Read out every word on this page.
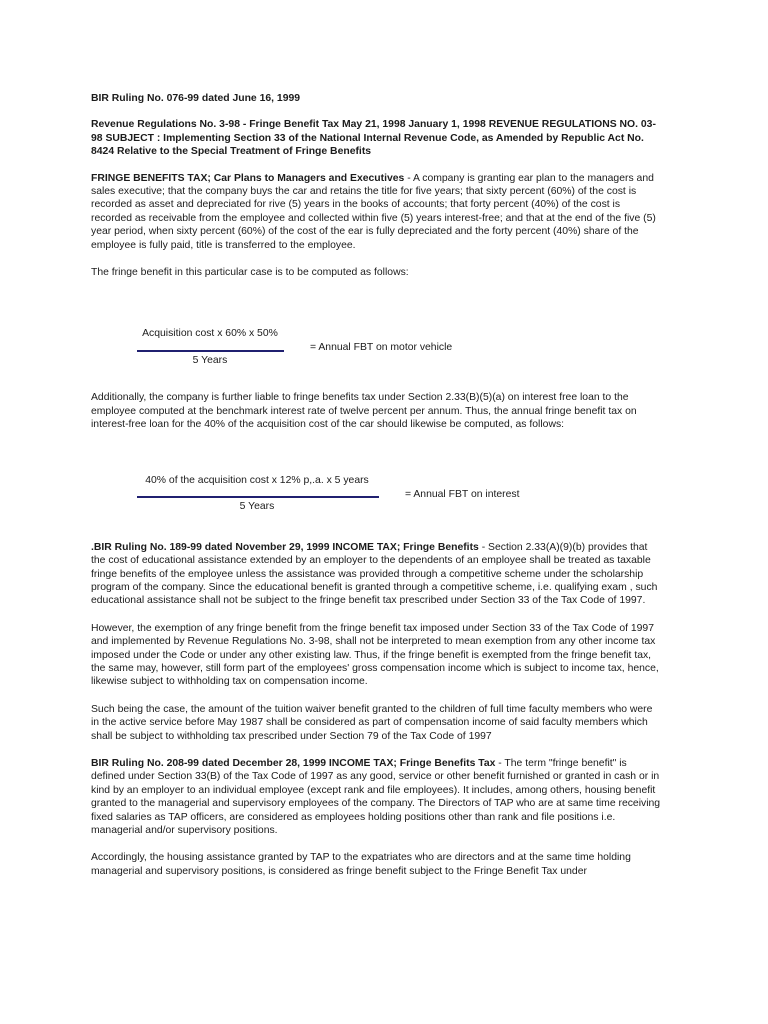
BIR Ruling No. 076-99 dated June 16, 1999

Revenue Regulations No. 3-98 - Fringe Benefit Tax May 21, 1998 January 1, 1998 REVENUE REGULATIONS NO. 03-98 SUBJECT : Implementing Section 33 of the National Internal Revenue Code, as Amended by Republic Act No. 8424 Relative to the Special Treatment of Fringe Benefits

FRINGE BENEFITS TAX; Car Plans to Managers and Executives - A company is granting ear plan to the managers and sales executive; that the company buys the car and retains the title for five years; that sixty percent (60%) of the cost is recorded as asset and depreciated for rive (5) years in the books of accounts; that forty percent (40%) of the cost is recorded as receivable from the employee and collected within five (5) years interest-free; and that at the end of the five (5) year period, when sixty percent (60%) of the cost of the ear is fully depreciated and the forty percent (40%) share of the employee is fully paid, title is transferred to the employee.

The fringe benefit in this particular case is to be computed as follows:

Additionally, the company is further liable to fringe benefits tax under Section 2.33(B)(5)(a) on interest free loan to the employee computed at the benchmark interest rate of twelve percent per annum. Thus, the annual fringe benefit tax on interest-free loan for the 40% of the acquisition cost of the car should likewise be computed, as follows:

.BIR Ruling No. 189-99 dated November 29, 1999 INCOME TAX; Fringe Benefits - Section 2.33(A)(9)(b) provides that the cost of educational assistance extended by an employer to the dependents of an employee shall be treated as taxable fringe benefits of the employee unless the assistance was provided through a competitive scheme under the scholarship program of the company. Since the educational benefit is granted through a competitive scheme, i.e. qualifying exam , such educational assistance shall not be subject to the fringe benefit tax prescribed under Section 33 of the Tax Code of 1997.

However, the exemption of any fringe benefit from the fringe benefit tax imposed under Section 33 of the Tax Code of 1997 and implemented by Revenue Regulations No. 3-98, shall not be interpreted to mean exemption from any other income tax imposed under the Code or under any other existing law. Thus, if the fringe benefit is exempted from the fringe benefit tax, the same may, however, still form part of the employees' gross compensation income which is subject to income tax, hence, likewise subject to withholding tax on compensation income.

Such being the case, the amount of the tuition waiver benefit granted to the children of full time faculty members who were in the active service before May 1987 shall be considered as part of compensation income of said faculty members which shall be subject to withholding tax prescribed under Section 79 of the Tax Code of 1997

BIR Ruling No. 208-99 dated December 28, 1999 INCOME TAX; Fringe Benefits Tax - The term "fringe benefit" is defined under Section 33(B) of the Tax Code of 1997 as any good, service or other benefit furnished or granted in cash or in kind by an employer to an individual employee (except rank and file employees). It includes, among others, housing benefit granted to the managerial and supervisory employees of the company. The Directors of TAP who are at same time receiving fixed salaries as TAP officers, are considered as employees holding positions other than rank and file positions i.e. managerial and/or supervisory positions.

Accordingly, the housing assistance granted by TAP to the expatriates who are directors and at the same time holding managerial and supervisory positions, is considered as fringe benefit subject to the Fringe Benefit Tax under

Acquisition cost x 60% x 50%
5 Years
= Annual FBT on motor vehicle
40% of the acquisition cost x 12% p,.a. x 5 years
5 Years
= Annual FBT on interest
